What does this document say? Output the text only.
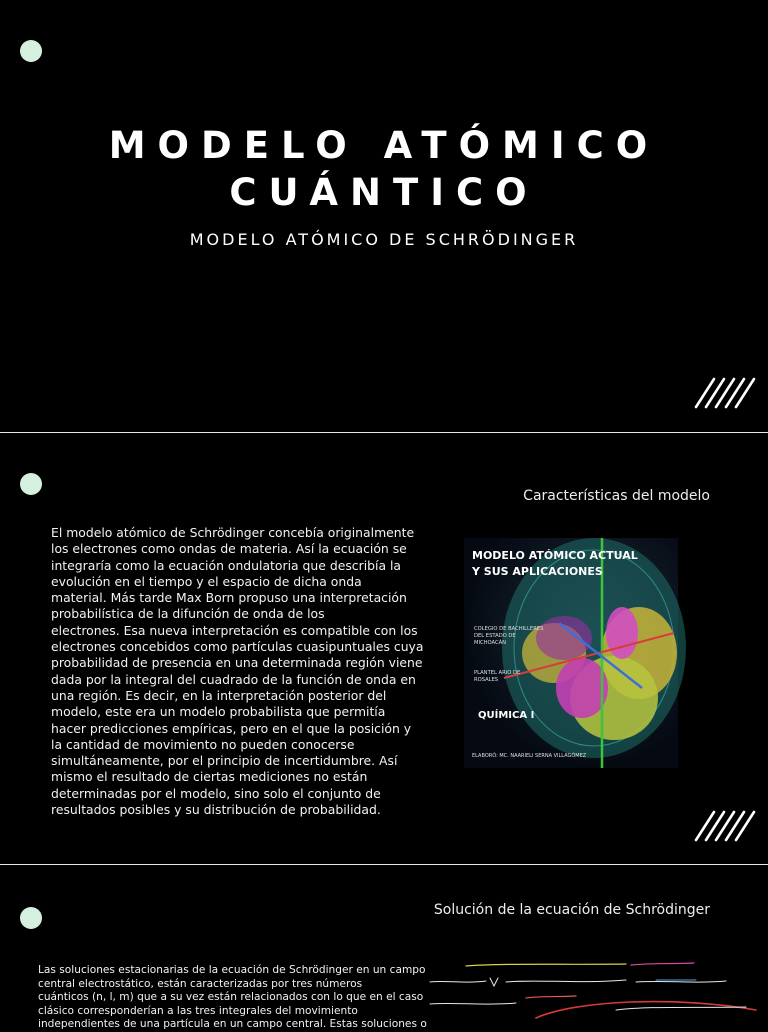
MODELO ATÓMICO
CUÁNTICO
MODELO ATÓMICO DE SCHRÖDINGER
Características del modelo
El modelo atómico de Schrödinger concebía originalmente
los electrones como ondas de materia. Así la ecuación se
integraría como la ecuación ondulatoria que describía la
evolución en el tiempo y el espacio de dicha onda
material. Más tarde Max Born propuso una interpretación
probabilística de la difunción de onda de los
electrones. Esa nueva interpretación es compatible con los
electrones concebidos como partículas cuasipuntuales cuya
probabilidad de presencia en una determinada región viene
dada por la integral del cuadrado de la función de onda en
una región. Es decir, en la interpretación posterior del
modelo, este era un modelo probabilista que permitía
hacer predicciones empíricas, pero en el que la posición y
la cantidad de movimiento no pueden conocerse
simultáneamente, por el principio de incertidumbre. Así
mismo el resultado de ciertas mediciones no están
determinadas por el modelo, sino solo el conjunto de
resultados posibles y su distribución de probabilidad.
MODELO ATÓMICO ACTUAL
Y SUS APLICACIONES
COLEGIO DE BACHILLERES
DEL ESTADO DE
MICHOACÁN
PLANTEL ARIO DE
ROSALES
QUÍMICA I
ELABORÓ: MC. NAARIELI SERNA VILLAGÓMEZ
Solución de la ecuación de Schrödinger
Las soluciones estacionarias de la ecuación de Schrödinger en un campo
central electrostático, están caracterizadas por tres números
cuánticos (n, l, m) que a su vez están relacionados con lo que en el caso
clásico corresponderían a las tres integrales del movimiento
independientes de una partícula en un campo central. Estas soluciones o
